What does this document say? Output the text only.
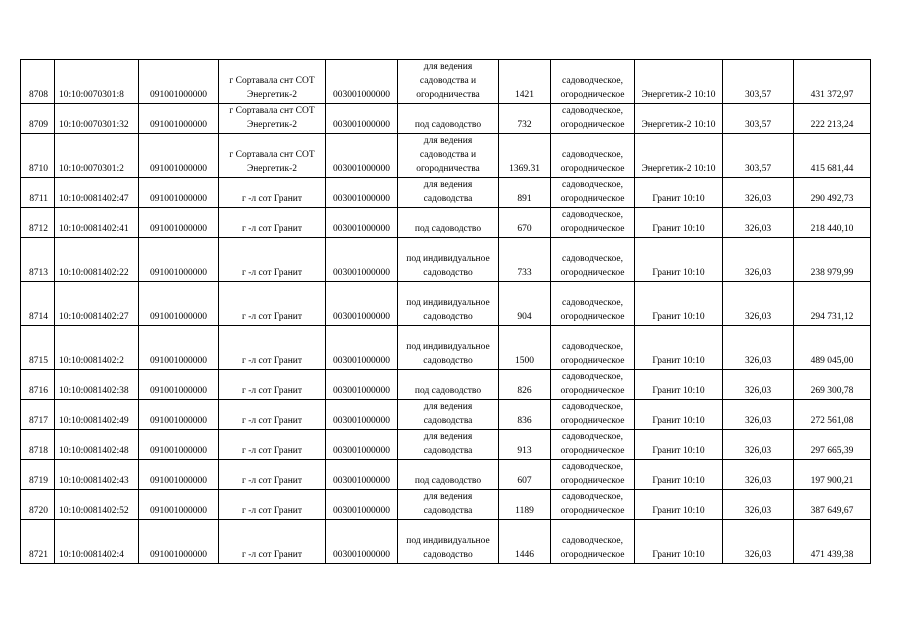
8708	10:10:0070301:8	091001000000	г Сортавала снт СОТ
Энергетик-2	003001000000	для ведения
садоводства и
огородничества	1421	садоводческое,
огородническое	Энергетик-2 10:10	303,57	431 372,97
8709	10:10:0070301:32	091001000000	г Сортавала снт СОТ
Энергетик-2	003001000000	под садоводство	732	садоводческое,
огородническое	Энергетик-2 10:10	303,57	222 213,24
8710	10:10:0070301:2	091001000000	г Сортавала снт СОТ
Энергетик-2	003001000000	для ведения
садоводства и
огородничества	1369.31	садоводческое,
огородническое	Энергетик-2 10:10	303,57	415 681,44
8711	10:10:0081402:47	091001000000	г -л сот Гранит	003001000000	для ведения
садоводства	891	садоводческое,
огородническое	Гранит 10:10	326,03	290 492,73
8712	10:10:0081402:41	091001000000	г -л сот Гранит	003001000000	под садоводство	670	садоводческое,
огородническое	Гранит 10:10	326,03	218 440,10
8713	10:10:0081402:22	091001000000	г -л сот Гранит	003001000000	под индивидуальное
садоводство	733	садоводческое,
огородническое	Гранит 10:10	326,03	238 979,99
8714	10:10:0081402:27	091001000000	г -л сот Гранит	003001000000	под индивидуальное
садоводство	904	садоводческое,
огородническое	Гранит 10:10	326,03	294 731,12
8715	10:10:0081402:2	091001000000	г -л сот Гранит	003001000000	под индивидуальное
садоводство	1500	садоводческое,
огородническое	Гранит 10:10	326,03	489 045,00
8716	10:10:0081402:38	091001000000	г -л сот Гранит	003001000000	под садоводство	826	садоводческое,
огородническое	Гранит 10:10	326,03	269 300,78
8717	10:10:0081402:49	091001000000	г -л сот Гранит	003001000000	для ведения
садоводства	836	садоводческое,
огородническое	Гранит 10:10	326,03	272 561,08
8718	10:10:0081402:48	091001000000	г -л сот Гранит	003001000000	для ведения
садоводства	913	садоводческое,
огородническое	Гранит 10:10	326,03	297 665,39
8719	10:10:0081402:43	091001000000	г -л сот Гранит	003001000000	под садоводство	607	садоводческое,
огородническое	Гранит 10:10	326,03	197 900,21
8720	10:10:0081402:52	091001000000	г -л сот Гранит	003001000000	для ведения
садоводства	1189	садоводческое,
огородническое	Гранит 10:10	326,03	387 649,67
8721	10:10:0081402:4	091001000000	г -л сот Гранит	003001000000	под индивидуальное
садоводство	1446	садоводческое,
огородническое	Гранит 10:10	326,03	471 439,38
